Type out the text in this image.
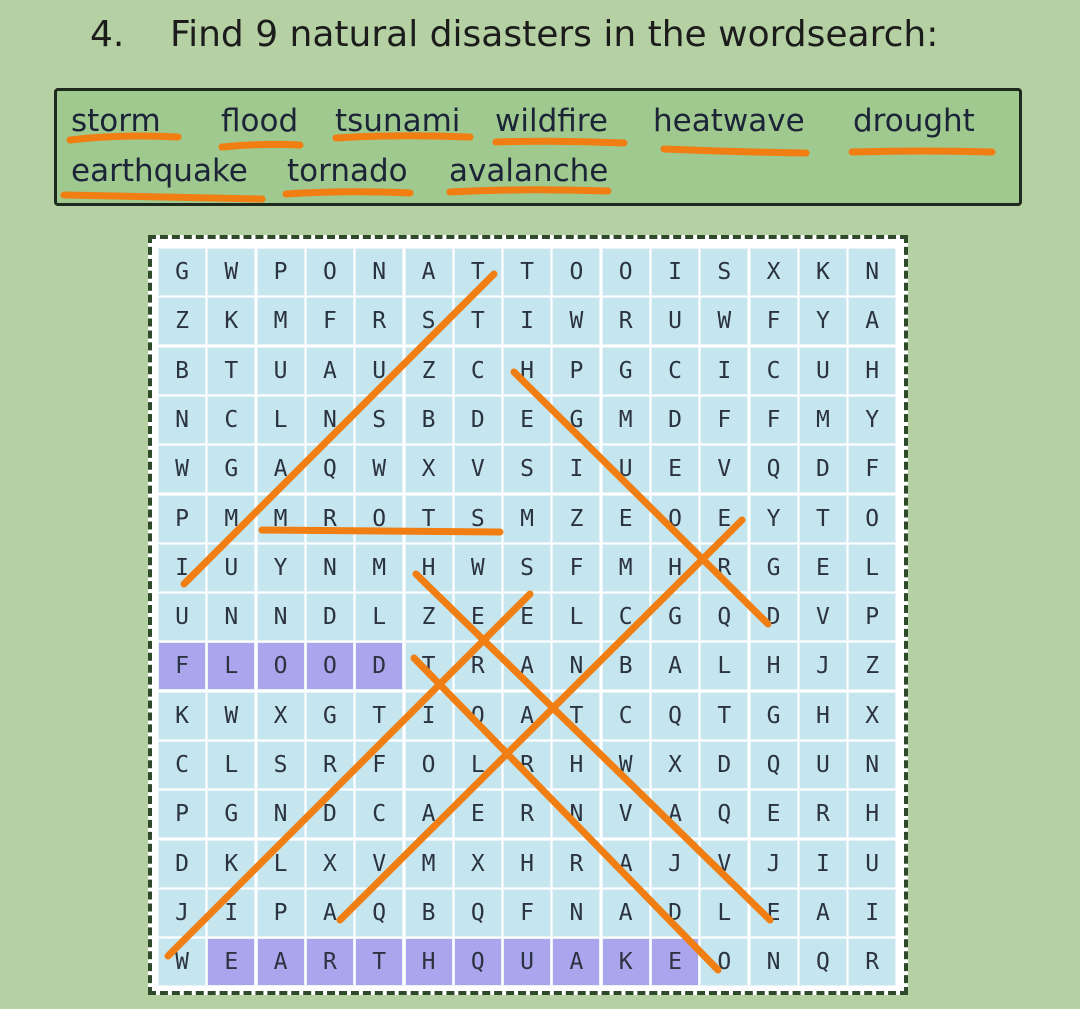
4. Find 9 natural disasters in the wordsearch:
storm flood tsunami wildfire heatwave drought
earthquake tornado avalanche
G	W	P	O	N	A	T	T	O	O	I	S	X	K	N
Z	K	M	F	R	S	T	I	W	R	U	W	F	Y	A
B	T	U	A	U	Z	C	H	P	G	C	I	C	U	H
N	C	L	N	S	B	D	E	G	M	D	F	F	M	Y
W	G	A	Q	W	X	V	S	I	U	E	V	Q	D	F
P	M	M	R	O	T	S	M	Z	E	O	E	Y	T	O
I	U	Y	N	M	H	W	S	F	M	H	R	G	E	L
U	N	N	D	L	Z	E	E	L	C	G	Q	D	V	P
F	L	O	O	D	T	R	A	N	B	A	L	H	J	Z
K	W	X	G	T	I	O	A	T	C	Q	T	G	H	X
C	L	S	R	F	O	L	R	H	W	X	D	Q	U	N
P	G	N	D	C	A	E	R	N	V	A	Q	E	R	H
D	K	L	X	V	M	X	H	R	A	J	V	J	I	U
J	I	P	A	Q	B	Q	F	N	A	D	L	E	A	I
W	E	A	R	T	H	Q	U	A	K	E	O	N	Q	R
